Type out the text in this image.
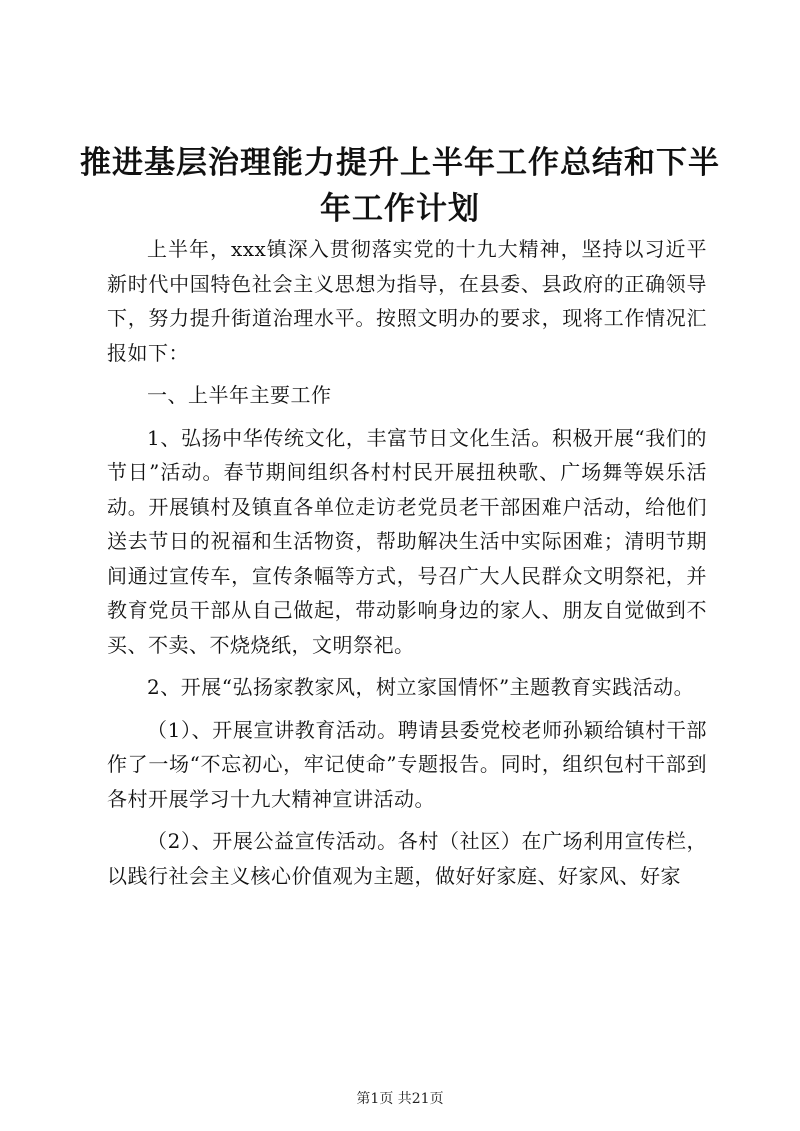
推进基层治理能力提升上半年工作总结和下半年工作计划

上半年，xxx镇深入贯彻落实党的十九大精神，坚持以习近平新时代中国特色社会主义思想为指导，在县委、县政府的正确领导下，努力提升街道治理水平。按照文明办的要求，现将工作情况汇报如下：

一、上半年主要工作

1、弘扬中华传统文化，丰富节日文化生活。积极开展“我们的节日”活动。春节期间组织各村村民开展扭秧歌、广场舞等娱乐活动。开展镇村及镇直各单位走访老党员老干部困难户活动，给他们送去节日的祝福和生活物资，帮助解决生活中实际困难；清明节期间通过宣传车，宣传条幅等方式，号召广大人民群众文明祭祀，并教育党员干部从自己做起，带动影响身边的家人、朋友自觉做到不买、不卖、不烧烧纸，文明祭祀。

2、开展“弘扬家教家风，树立家国情怀”主题教育实践活动。

（1）、开展宣讲教育活动。聘请县委党校老师孙颖给镇村干部作了一场“不忘初心，牢记使命”专题报告。同时，组织包村干部到各村开展学习十九大精神宣讲活动。

（2）、开展公益宣传活动。各村（社区）在广场利用宣传栏，以践行社会主义核心价值观为主题，做好好家庭、好家风、好家

第1页 共21页
